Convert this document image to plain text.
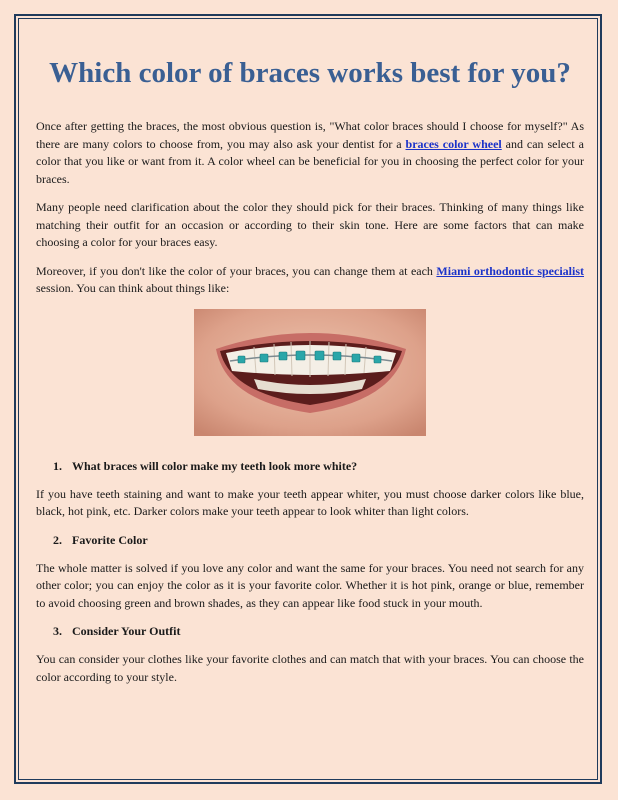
Which color of braces works best for you?

Once after getting the braces, the most obvious question is, "What color braces should I choose for myself?" As there are many colors to choose from, you may also ask your dentist for a braces color wheel and can select a color that you like or want from it. A color wheel can be beneficial for you in choosing the perfect color for your braces.

Many people need clarification about the color they should pick for their braces. Thinking of many things like matching their outfit for an occasion or according to their skin tone. Here are some factors that can make choosing a color for your braces easy.

Moreover, if you don't like the color of your braces, you can change them at each Miami orthodontic specialist session. You can think about things like:

1. What braces will color make my teeth look more white?

If you have teeth staining and want to make your teeth appear whiter, you must choose darker colors like blue, black, hot pink, etc. Darker colors make your teeth appear to look whiter than light colors.

2. Favorite Color

The whole matter is solved if you love any color and want the same for your braces. You need not search for any other color; you can enjoy the color as it is your favorite color. Whether it is hot pink, orange or blue, remember to avoid choosing green and brown shades, as they can appear like food stuck in your mouth.

3. Consider Your Outfit

You can consider your clothes like your favorite clothes and can match that with your braces. You can choose the color according to your style.
